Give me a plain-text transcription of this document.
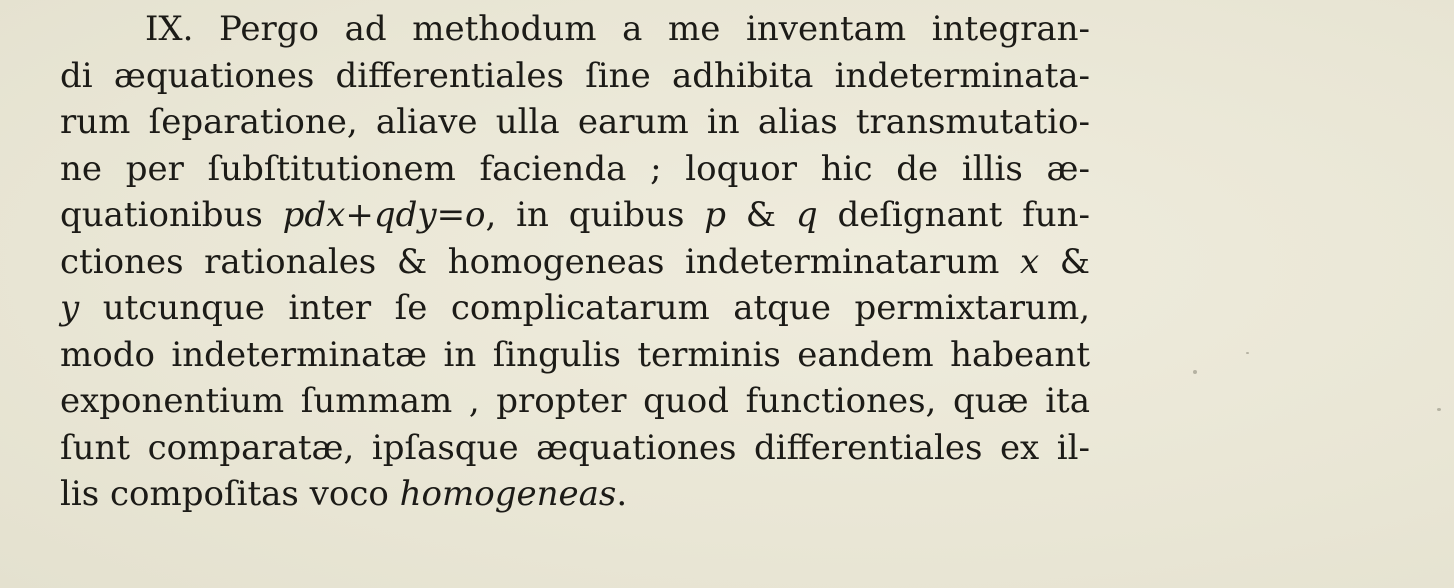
IX. Pergo ad methodum a me inventam integran-
di æquationes differentiales ſine adhibita indeterminata-
rum ſeparatione, aliave ulla earum in alias transmutatio-
ne per ſubſtitutionem facienda ; loquor hic de illis æ-
quationibus pdx+qdy=o, in quibus p & q deſignant fun-
ctiones rationales & homogeneas indeterminatarum x &
y utcunque inter ſe complicatarum atque permixtarum,
modo indeterminatæ in ſingulis terminis eandem habeant
exponentium ſummam , propter quod functiones, quæ ita
ſunt comparatæ, ipſasque æquationes differentiales ex il-
lis compoſitas voco homogeneas.
